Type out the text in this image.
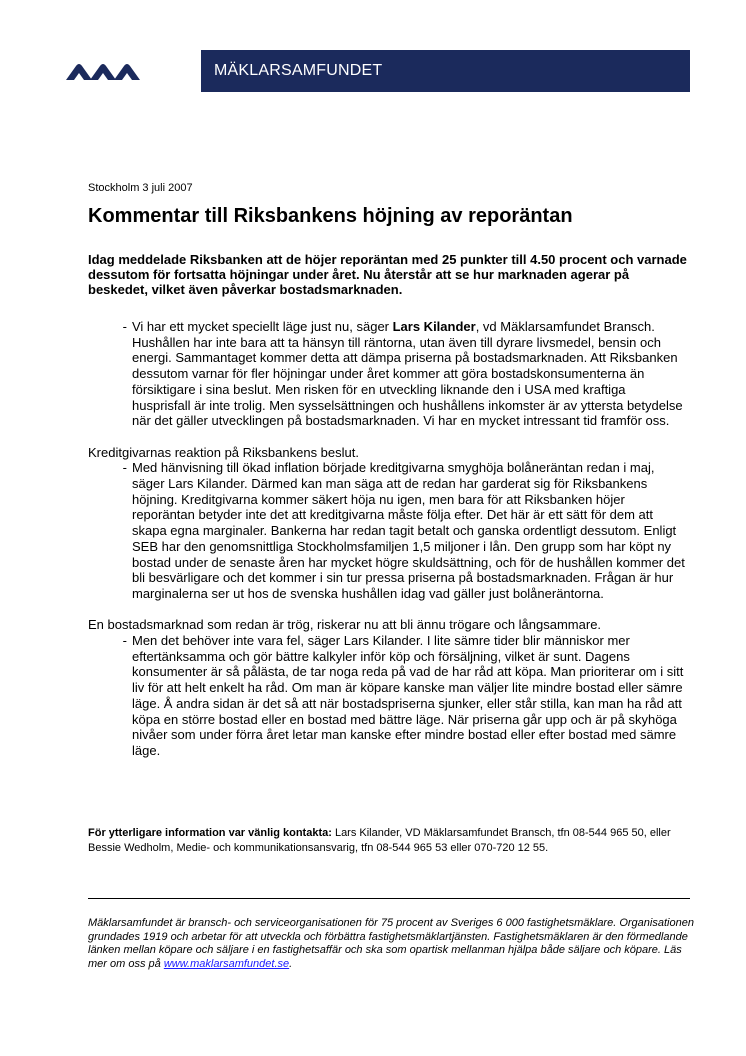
MÄKLARSAMFUNDET
Stockholm 3 juli 2007
Kommentar till Riksbankens höjning av reporäntan

Idag meddelade Riksbanken att de höjer reporäntan med 25 punkter till 4.50 procent och varnade dessutom för fortsatta höjningar under året. Nu återstår att se hur marknaden agerar på beskedet, vilket även påverkar bostadsmarknaden.

- Vi har ett mycket speciellt läge just nu, säger Lars Kilander, vd Mäklarsamfundet Bransch. Hushållen har inte bara att ta hänsyn till räntorna, utan även till dyrare livsmedel, bensin och energi. Sammantaget kommer detta att dämpa priserna på bostadsmarknaden. Att Riksbanken dessutom varnar för fler höjningar under året kommer att göra bostadskonsumenterna än försiktigare i sina beslut. Men risken för en utveckling liknande den i USA med kraftiga husprisfall är inte trolig. Men sysselsättningen och hushållens inkomster är av yttersta betydelse när det gäller utvecklingen på bostadsmarknaden. Vi har en mycket intressant tid framför oss.

Kreditgivarnas reaktion på Riksbankens beslut.

- Med hänvisning till ökad inflation började kreditgivarna smyghöja bolåneräntan redan i maj, säger Lars Kilander. Därmed kan man säga att de redan har garderat sig för Riksbankens höjning. Kreditgivarna kommer säkert höja nu igen, men bara för att Riksbanken höjer reporäntan betyder inte det att kreditgivarna måste följa efter. Det här är ett sätt för dem att skapa egna marginaler. Bankerna har redan tagit betalt och ganska ordentligt dessutom. Enligt SEB har den genomsnittliga Stockholmsfamiljen 1,5 miljoner i lån. Den grupp som har köpt ny bostad under de senaste åren har mycket högre skuldsättning, och för de hushållen kommer det bli besvärligare och det kommer i sin tur pressa priserna på bostadsmarknaden. Frågan är hur marginalerna ser ut hos de svenska hushållen idag vad gäller just bolåneräntorna.

En bostadsmarknad som redan är trög, riskerar nu att bli ännu trögare och långsammare.

- Men det behöver inte vara fel, säger Lars Kilander. I lite sämre tider blir människor mer eftertänksamma och gör bättre kalkyler inför köp och försäljning, vilket är sunt. Dagens konsumenter är så pålästa, de tar noga reda på vad de har råd att köpa. Man prioriterar om i sitt liv för att helt enkelt ha råd. Om man är köpare kanske man väljer lite mindre bostad eller sämre läge. Å andra sidan är det så att när bostadspriserna sjunker, eller står stilla, kan man ha råd att köpa en större bostad eller en bostad med bättre läge. När priserna går upp och är på skyhöga nivåer som under förra året letar man kanske efter mindre bostad eller efter bostad med sämre läge.
För ytterligare information var vänlig kontakta: Lars Kilander, VD Mäklarsamfundet Bransch, tfn 08-544 965 50, eller Bessie Wedholm, Medie- och kommunikationsansvarig, tfn 08-544 965 53 eller 070-720 12 55.
Mäklarsamfundet är bransch- och serviceorganisationen för 75 procent av Sveriges 6 000 fastighetsmäklare. Organisationen grundades 1919 och arbetar för att utveckla och förbättra fastighetsmäklartjänsten. Fastighetsmäklaren är den förmedlande länken mellan köpare och säljare i en fastighetsaffär och ska som opartisk mellanman hjälpa både säljare och köpare. Läs mer om oss på www.maklarsamfundet.se.
